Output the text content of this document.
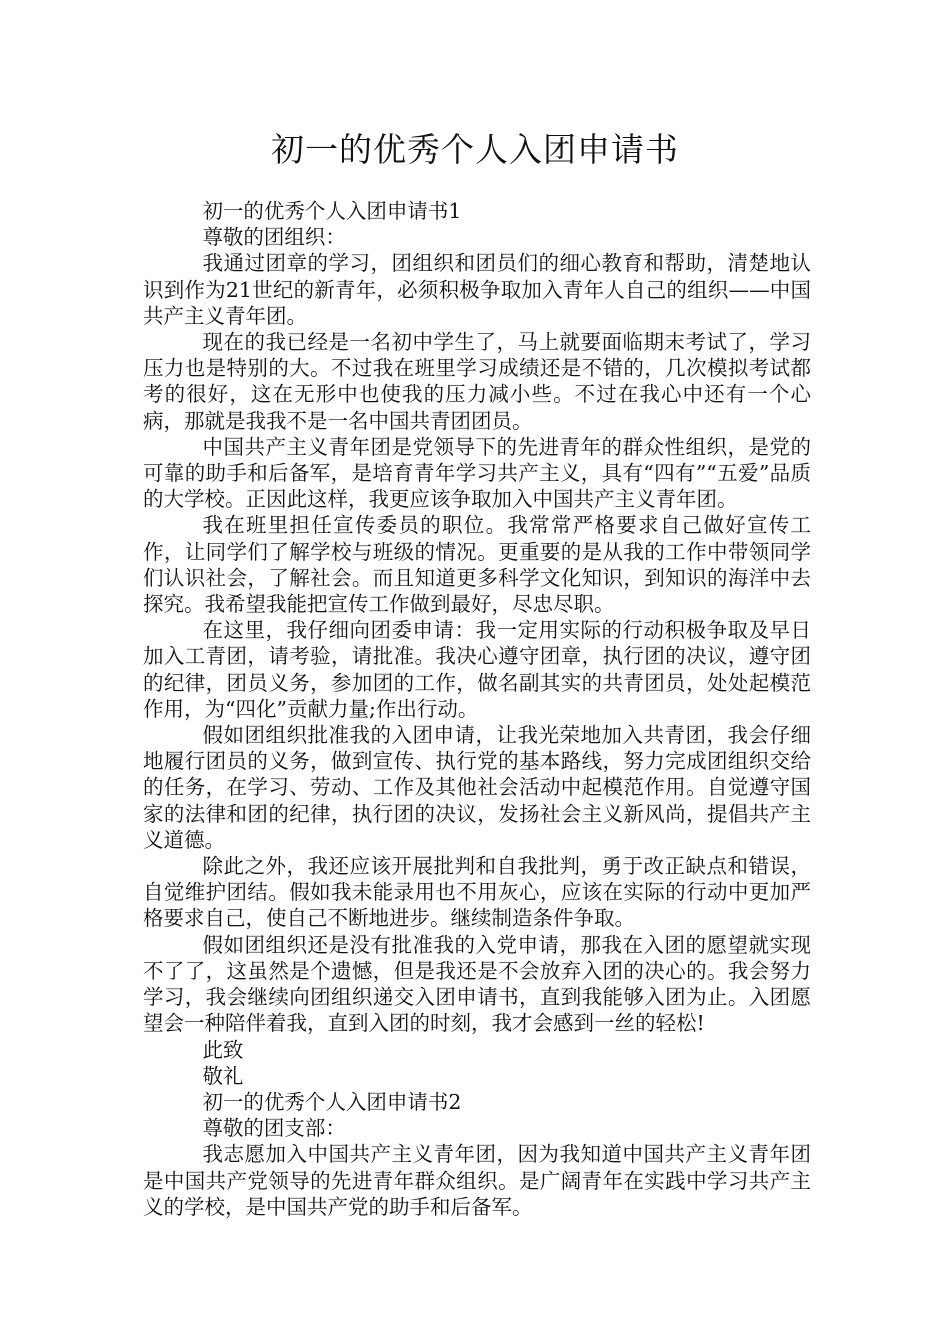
初一的优秀个人入团申请书

初一的优秀个人入团申请书1

尊敬的团组织：

我通过团章的学习，团组织和团员们的细心教育和帮助，清楚地认识到作为21世纪的新青年，必须积极争取加入青年人自己的组织——中国共产主义青年团。

现在的我已经是一名初中学生了，马上就要面临期末考试了，学习压力也是特别的大。不过我在班里学习成绩还是不错的，几次模拟考试都考的很好，这在无形中也使我的压力减小些。不过在我心中还有一个心病，那就是我我不是一名中国共青团团员。

中国共产主义青年团是党领导下的先进青年的群众性组织，是党的可靠的助手和后备军，是培育青年学习共产主义，具有“四有”“五爱”品质的大学校。正因此这样，我更应该争取加入中国共产主义青年团。

我在班里担任宣传委员的职位。我常常严格要求自己做好宣传工作，让同学们了解学校与班级的情况。更重要的是从我的工作中带领同学们认识社会，了解社会。而且知道更多科学文化知识，到知识的海洋中去探究。我希望我能把宣传工作做到最好，尽忠尽职。

在这里，我仔细向团委申请：我一定用实际的行动积极争取及早日加入工青团，请考验，请批准。我决心遵守团章，执行团的决议，遵守团的纪律，团员义务，参加团的工作，做名副其实的共青团员，处处起模范作用，为“四化”贡献力量;作出行动。

假如团组织批准我的入团申请，让我光荣地加入共青团，我会仔细地履行团员的义务，做到宣传、执行党的基本路线，努力完成团组织交给的任务，在学习、劳动、工作及其他社会活动中起模范作用。自觉遵守国家的法律和团的纪律，执行团的决议，发扬社会主义新风尚，提倡共产主义道德。

除此之外，我还应该开展批判和自我批判，勇于改正缺点和错误，自觉维护团结。假如我未能录用也不用灰心，应该在实际的行动中更加严格要求自己，使自己不断地进步。继续制造条件争取。

假如团组织还是没有批准我的入党申请，那我在入团的愿望就实现不了了，这虽然是个遗憾，但是我还是不会放弃入团的决心的。我会努力学习，我会继续向团组织递交入团申请书，直到我能够入团为止。入团愿望会一种陪伴着我，直到入团的时刻，我才会感到一丝的轻松!

此致

敬礼

初一的优秀个人入团申请书2

尊敬的团支部：

我志愿加入中国共产主义青年团，因为我知道中国共产主义青年团是中国共产党领导的先进青年群众组织。是广阔青年在实践中学习共产主义的学校，是中国共产党的助手和后备军。
